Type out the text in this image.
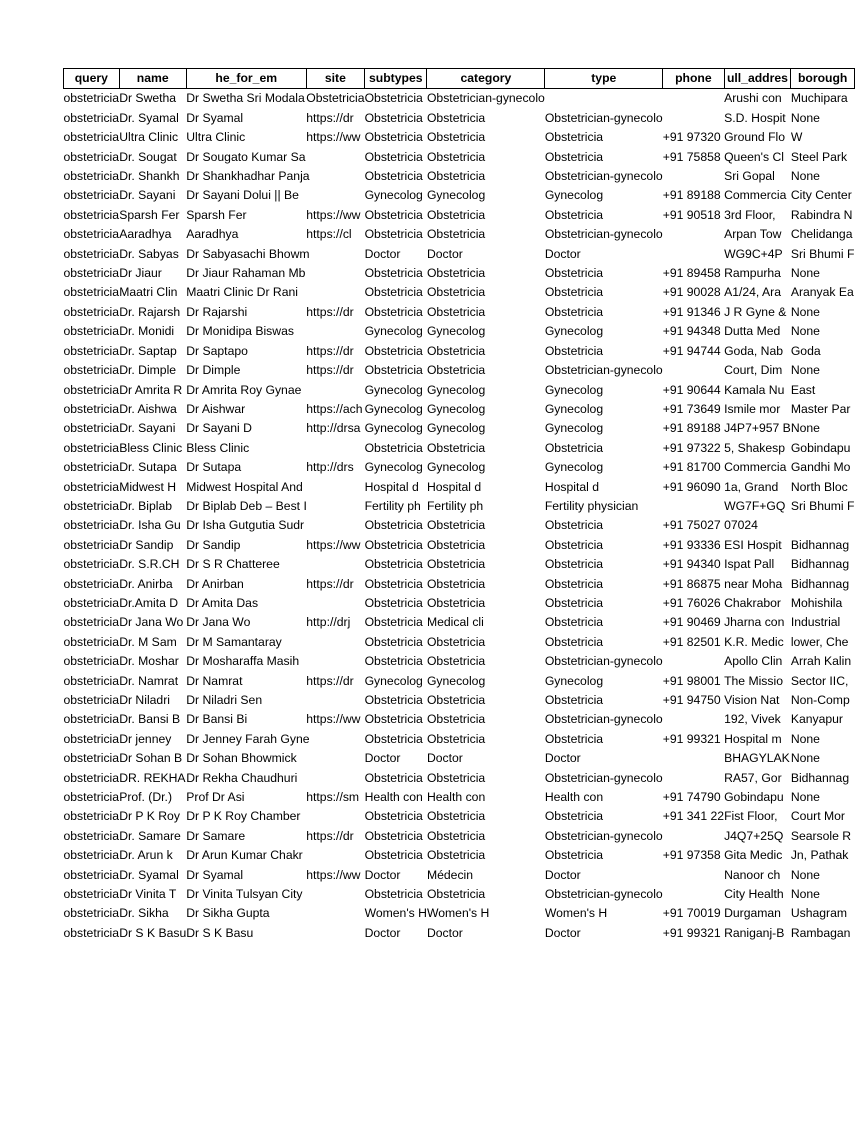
query	name	he_for_em	site	subtypes	category	type	phone	ull_addres	borough
obstetricia	Dr Swetha	Dr Swetha Sri Modala	Obstetricia	Obstetricia	Obstetrician-gynecolo			Arushi con	Muchipara
obstetricia	Dr. Syamal	Dr Syamal	https://dr	Obstetricia	Obstetricia	Obstetrician-gynecolo		S.D. Hospit	None
obstetricia	Ultra Clinic	Ultra Clinic	https://ww	Obstetricia	Obstetricia	Obstetricia	+91 97320	Ground Flo	W
obstetricia	Dr. Sougat	Dr Sougato Kumar Sa		Obstetricia	Obstetricia	Obstetricia	+91 75858	Queen's Cl	Steel Park
obstetricia	Dr. Shankh	Dr Shankhadhar Panja		Obstetricia	Obstetricia	Obstetrician-gynecolo		Sri Gopal	None
obstetricia	Dr. Sayani	Dr Sayani Dolui || Be		Gynecolog	Gynecolog	Gynecolog	+91 89188	Commercia	City Center
obstetricia	Sparsh Fer	Sparsh Fer	https://ww	Obstetricia	Obstetricia	Obstetricia	+91 90518	3rd Floor,	Rabindra N
obstetricia	Aaradhya	Aaradhya	https://cl	Obstetricia	Obstetricia	Obstetrician-gynecolo		Arpan Tow	Chelidanga
obstetricia	Dr. Sabyas	Dr Sabyasachi Bhowm		Doctor	Doctor	Doctor		WG9C+4P	Sri Bhumi F
obstetricia	Dr Jiaur	Dr Jiaur Rahaman Mb		Obstetricia	Obstetricia	Obstetricia	+91 89458	Rampurha	None
obstetricia	Maatri Clin	Maatri Clinic Dr Rani		Obstetricia	Obstetricia	Obstetricia	+91 90028	A1/24, Ara	Aranyak Ea
obstetricia	Dr. Rajarsh	Dr Rajarshi	https://dr	Obstetricia	Obstetricia	Obstetricia	+91 91346	J R Gyne &	None
obstetricia	Dr. Monidi	Dr Monidipa Biswas		Gynecolog	Gynecolog	Gynecolog	+91 94348	Dutta Med	None
obstetricia	Dr. Saptap	Dr Saptapo	https://dr	Obstetricia	Obstetricia	Obstetricia	+91 94744	Goda, Nab	Goda
obstetricia	Dr. Dimple	Dr Dimple	https://dr	Obstetricia	Obstetricia	Obstetrician-gynecolo		Court, Dim	None
obstetricia	Dr Amrita R	Dr Amrita Roy Gynae		Gynecolog	Gynecolog	Gynecolog	+91 90644	Kamala Nu	East
obstetricia	Dr. Aishwa	Dr Aishwar	https://ach	Gynecolog	Gynecolog	Gynecolog	+91 73649	Ismile mor	Master Par
obstetricia	Dr. Sayani	Dr Sayani D	http://drsa	Gynecolog	Gynecolog	Gynecolog	+91 89188	J4P7+957 B	None
obstetricia	Bless Clinic	Bless Clinic		Obstetricia	Obstetricia	Obstetricia	+91 97322	5, Shakesp	Gobindapu
obstetricia	Dr. Sutapa	Dr Sutapa	http://drs	Gynecolog	Gynecolog	Gynecolog	+91 81700	Commercia	Gandhi Mo
obstetricia	Midwest H	Midwest Hospital And		Hospital d	Hospital d	Hospital d	+91 96090	1a, Grand	North Bloc
obstetricia	Dr. Biplab	Dr Biplab Deb – Best I		Fertility ph	Fertility ph	Fertility physician		WG7F+GQ	Sri Bhumi F
obstetricia	Dr. Isha Gu	Dr Isha Gutgutia Sudr		Obstetricia	Obstetricia	Obstetricia	+91 75027	07024	
obstetricia	Dr Sandip	Dr Sandip	https://ww	Obstetricia	Obstetricia	Obstetricia	+91 93336	ESI Hospit	Bidhannag
obstetricia	Dr. S.R.CH	Dr S R Chatteree		Obstetricia	Obstetricia	Obstetricia	+91 94340	Ispat Pall	Bidhannag
obstetricia	Dr. Anirba	Dr Anirban	https://dr	Obstetricia	Obstetricia	Obstetricia	+91 86875	near Moha	Bidhannag
obstetricia	Dr.Amita D	Dr Amita Das		Obstetricia	Obstetricia	Obstetricia	+91 76026	Chakrabor	Mohishila
obstetricia	Dr Jana Wo	Dr Jana Wo	http://drj	Obstetricia	Medical cli	Obstetricia	+91 90469	Jharna con	Industrial
obstetricia	Dr. M Sam	Dr M Samantaray		Obstetricia	Obstetricia	Obstetricia	+91 82501	K.R. Medic	lower, Che
obstetricia	Dr. Moshar	Dr Mosharaffa Masih		Obstetricia	Obstetricia	Obstetrician-gynecolo		Apollo Clin	Arrah Kalin
obstetricia	Dr. Namrat	Dr Namrat	https://dr	Gynecolog	Gynecolog	Gynecolog	+91 98001	The Missio	Sector IIC,
obstetricia	Dr Niladri	Dr Niladri Sen		Obstetricia	Obstetricia	Obstetricia	+91 94750	Vision Nat	Non-Comp
obstetricia	Dr. Bansi B	Dr Bansi Bi	https://ww	Obstetricia	Obstetricia	Obstetrician-gynecolo		192, Vivek	Kanyapur
obstetricia	Dr jenney	Dr Jenney Farah Gyne		Obstetricia	Obstetricia	Obstetricia	+91 99321	Hospital m	None
obstetricia	Dr Sohan B	Dr Sohan Bhowmick		Doctor	Doctor	Doctor		BHAGYLAK	None
obstetricia	DR. REKHA	Dr Rekha Chaudhuri		Obstetricia	Obstetricia	Obstetrician-gynecolo		RA57, Gor	Bidhannag
obstetricia	Prof. (Dr.)	Prof Dr Asi	https://sm	Health con	Health con	Health con	+91 74790	Gobindapu	None
obstetricia	Dr P K Roy	Dr P K Roy Chamber		Obstetricia	Obstetricia	Obstetricia	+91 341 22	Fist Floor,	Court Mor
obstetricia	Dr. Samare	Dr Samare	https://dr	Obstetricia	Obstetricia	Obstetrician-gynecolo		J4Q7+25Q	Searsole R
obstetricia	Dr. Arun k	Dr Arun Kumar Chakr		Obstetricia	Obstetricia	Obstetricia	+91 97358	Gita Medic	Jn, Pathak
obstetricia	Dr. Syamal	Dr Syamal	https://ww	Doctor	Médecin	Doctor		Nanoor ch	None
obstetricia	Dr Vinita T	Dr Vinita Tulsyan City		Obstetricia	Obstetricia	Obstetrician-gynecolo		City Health	None
obstetricia	Dr. Sikha	Dr Sikha Gupta		Women's H	Women's H	Women's H	+91 70019	Durgaman	Ushagram
obstetricia	Dr S K Basu	Dr S K Basu		Doctor	Doctor	Doctor	+91 99321	Raniganj-B	Rambagan
